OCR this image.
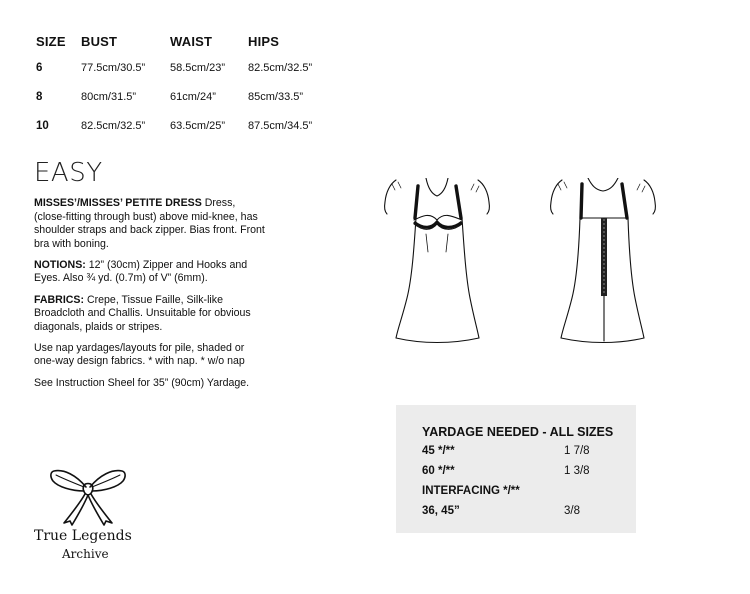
SIZE BUST	WAIST	HIPS
6	77.5cm/30.5” 58.5cm/23” 82.5cm/32.5”
8	80cm/31.5”	61cm/24”	85cm/33.5”
10	82.5cm/32.5” 63.5cm/25” 87.5cm/34.5”
EASY

MISSES’/MISSES’ PETITE DRESS Dress, (close-fitting through bust) above mid-knee, has shoulder straps and back zipper. Bias front. Front bra with boning.

NOTIONS: 12” (30cm) Zipper and Hooks and Eyes. Also ¾ yd. (0.7m) of V” (6mm).

FABRICS: Crepe, Tissue Faille, Silk-like Broadcloth and Challis. Unsuitable for obvious diagonals, plaids or stripes.

Use nap yardages/layouts for pile, shaded or one-way design fabrics. * with nap. * w/o nap

See Instruction Sheel for 35” (90cm) Yardage.

YARDAGE NEEDED - ALL SIZES
45 */**	1 7/8
60 */**	1 3/8
INTERFACING */**
36, 45”	3/8
True Legends
Archive
